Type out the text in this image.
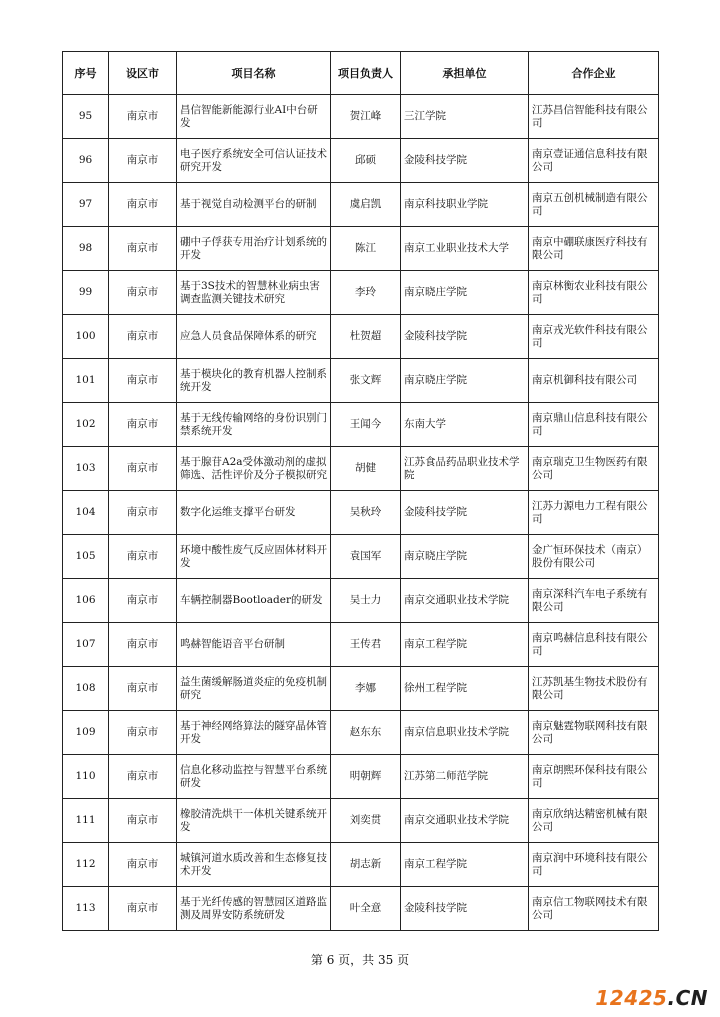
序号	设区市	项目名称	项目负责人	承担单位	合作企业
95	南京市	昌信智能新能源行业AI中台研发	贺江峰	三江学院	江苏昌信智能科技有限公司
96	南京市	电子医疗系统安全可信认证技术研究开发	邱硕	金陵科技学院	南京壹证通信息科技有限公司
97	南京市	基于视觉自动检测平台的研制	虞启凯	南京科技职业学院	南京五创机械制造有限公司
98	南京市	硼中子俘获专用治疗计划系统的开发	陈江	南京工业职业技术大学	南京中硼联康医疗科技有限公司
99	南京市	基于3S技术的智慧林业病虫害调查监测关键技术研究	李玲	南京晓庄学院	南京林衡农业科技有限公司
100	南京市	应急人员食品保障体系的研究	杜贺超	金陵科技学院	南京戎光软件科技有限公司
101	南京市	基于模块化的教育机器人控制系统开发	张文辉	南京晓庄学院	南京机御科技有限公司
102	南京市	基于无线传输网络的身份识别门禁系统开发	王闻今	东南大学	南京鼎山信息科技有限公司
103	南京市	基于腺苷A2a受体激动剂的虚拟筛选、活性评价及分子模拟研究	胡健	江苏食品药品职业技术学院	南京瑞克卫生物医药有限公司
104	南京市	数字化运维支撑平台研发	吴秋玲	金陵科技学院	江苏力源电力工程有限公司
105	南京市	环境中酸性废气反应固体材料开发	袁国军	南京晓庄学院	金广恒环保技术（南京）股份有限公司
106	南京市	车辆控制器Bootloader的研发	吴士力	南京交通职业技术学院	南京深科汽车电子系统有限公司
107	南京市	鸣赫智能语音平台研制	王传君	南京工程学院	南京鸣赫信息科技有限公司
108	南京市	益生菌缓解肠道炎症的免疫机制研究	李娜	徐州工程学院	江苏凯基生物技术股份有限公司
109	南京市	基于神经网络算法的隧穿晶体管开发	赵东东	南京信息职业技术学院	南京魅霆物联网科技有限公司
110	南京市	信息化移动监控与智慧平台系统研发	明朝辉	江苏第二师范学院	南京朗熙环保科技有限公司
111	南京市	橡胶清洗烘干一体机关键系统开发	刘奕贯	南京交通职业技术学院	南京欣纳达精密机械有限公司
112	南京市	城镇河道水质改善和生态修复技术开发	胡志新	南京工程学院	南京润中环境科技有限公司
113	南京市	基于光纤传感的智慧园区道路监测及周界安防系统研发	叶全意	金陵科技学院	南京信工物联网技术有限公司
第 6 页，共 35 页
12425.CN
